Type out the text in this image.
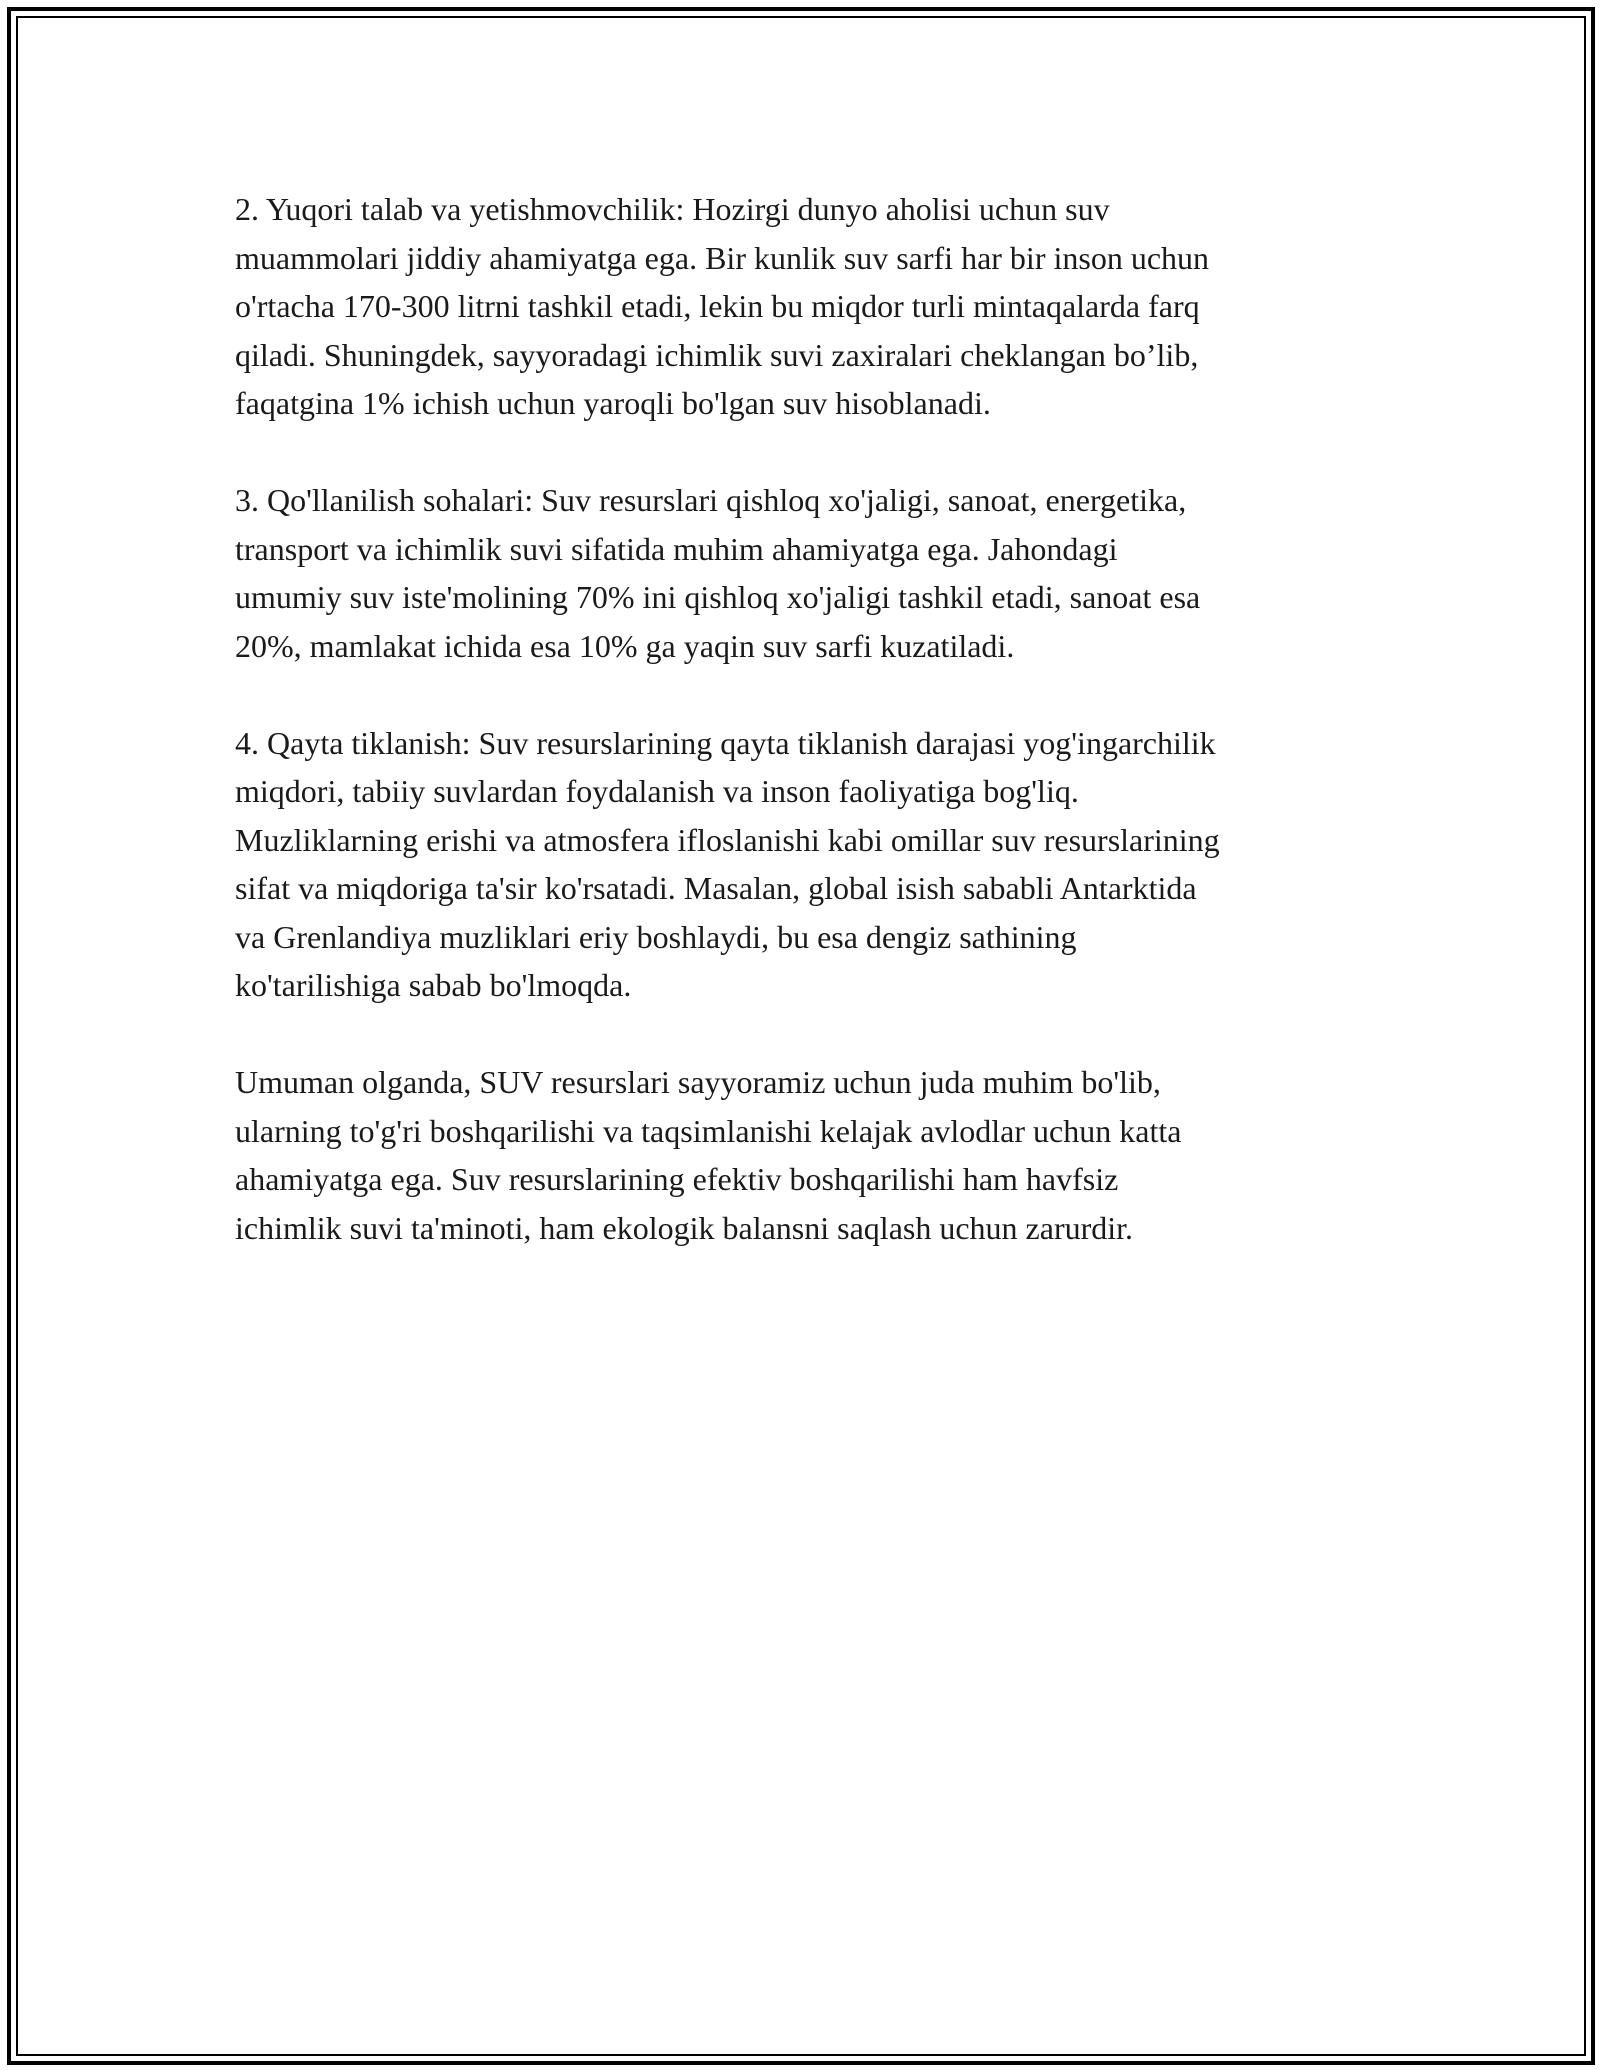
2. Yuqori talab va yetishmovchilik: Hozirgi dunyo aholisi uchun suv
muammolari jiddiy ahamiyatga ega. Bir kunlik suv sarfi har bir inson uchun
o'rtacha 170-300 litrni tashkil etadi, lekin bu miqdor turli mintaqalarda farq
qiladi. Shuningdek, sayyoradagi ichimlik suvi zaxiralari cheklangan bo’lib,
faqatgina 1% ichish uchun yaroqli bo'lgan suv hisoblanadi.

3. Qo'llanilish sohalari: Suv resurslari qishloq xo'jaligi, sanoat, energetika,
transport va ichimlik suvi sifatida muhim ahamiyatga ega. Jahondagi
umumiy suv iste'molining 70% ini qishloq xo'jaligi tashkil etadi, sanoat esa
20%, mamlakat ichida esa 10% ga yaqin suv sarfi kuzatiladi.

4. Qayta tiklanish: Suv resurslarining qayta tiklanish darajasi yog'ingarchilik
miqdori, tabiiy suvlardan foydalanish va inson faoliyatiga bog'liq.
Muzliklarning erishi va atmosfera ifloslanishi kabi omillar suv resurslarining
sifat va miqdoriga ta'sir ko'rsatadi. Masalan, global isish sababli Antarktida
va Grenlandiya muzliklari eriy boshlaydi, bu esa dengiz sathining
ko'tarilishiga sabab bo'lmoqda.

Umuman olganda, SUV resurslari sayyoramiz uchun juda muhim bo'lib,
ularning to'g'ri boshqarilishi va taqsimlanishi kelajak avlodlar uchun katta
ahamiyatga ega. Suv resurslarining efektiv boshqarilishi ham havfsiz
ichimlik suvi ta'minoti, ham ekologik balansni saqlash uchun zarurdir.
